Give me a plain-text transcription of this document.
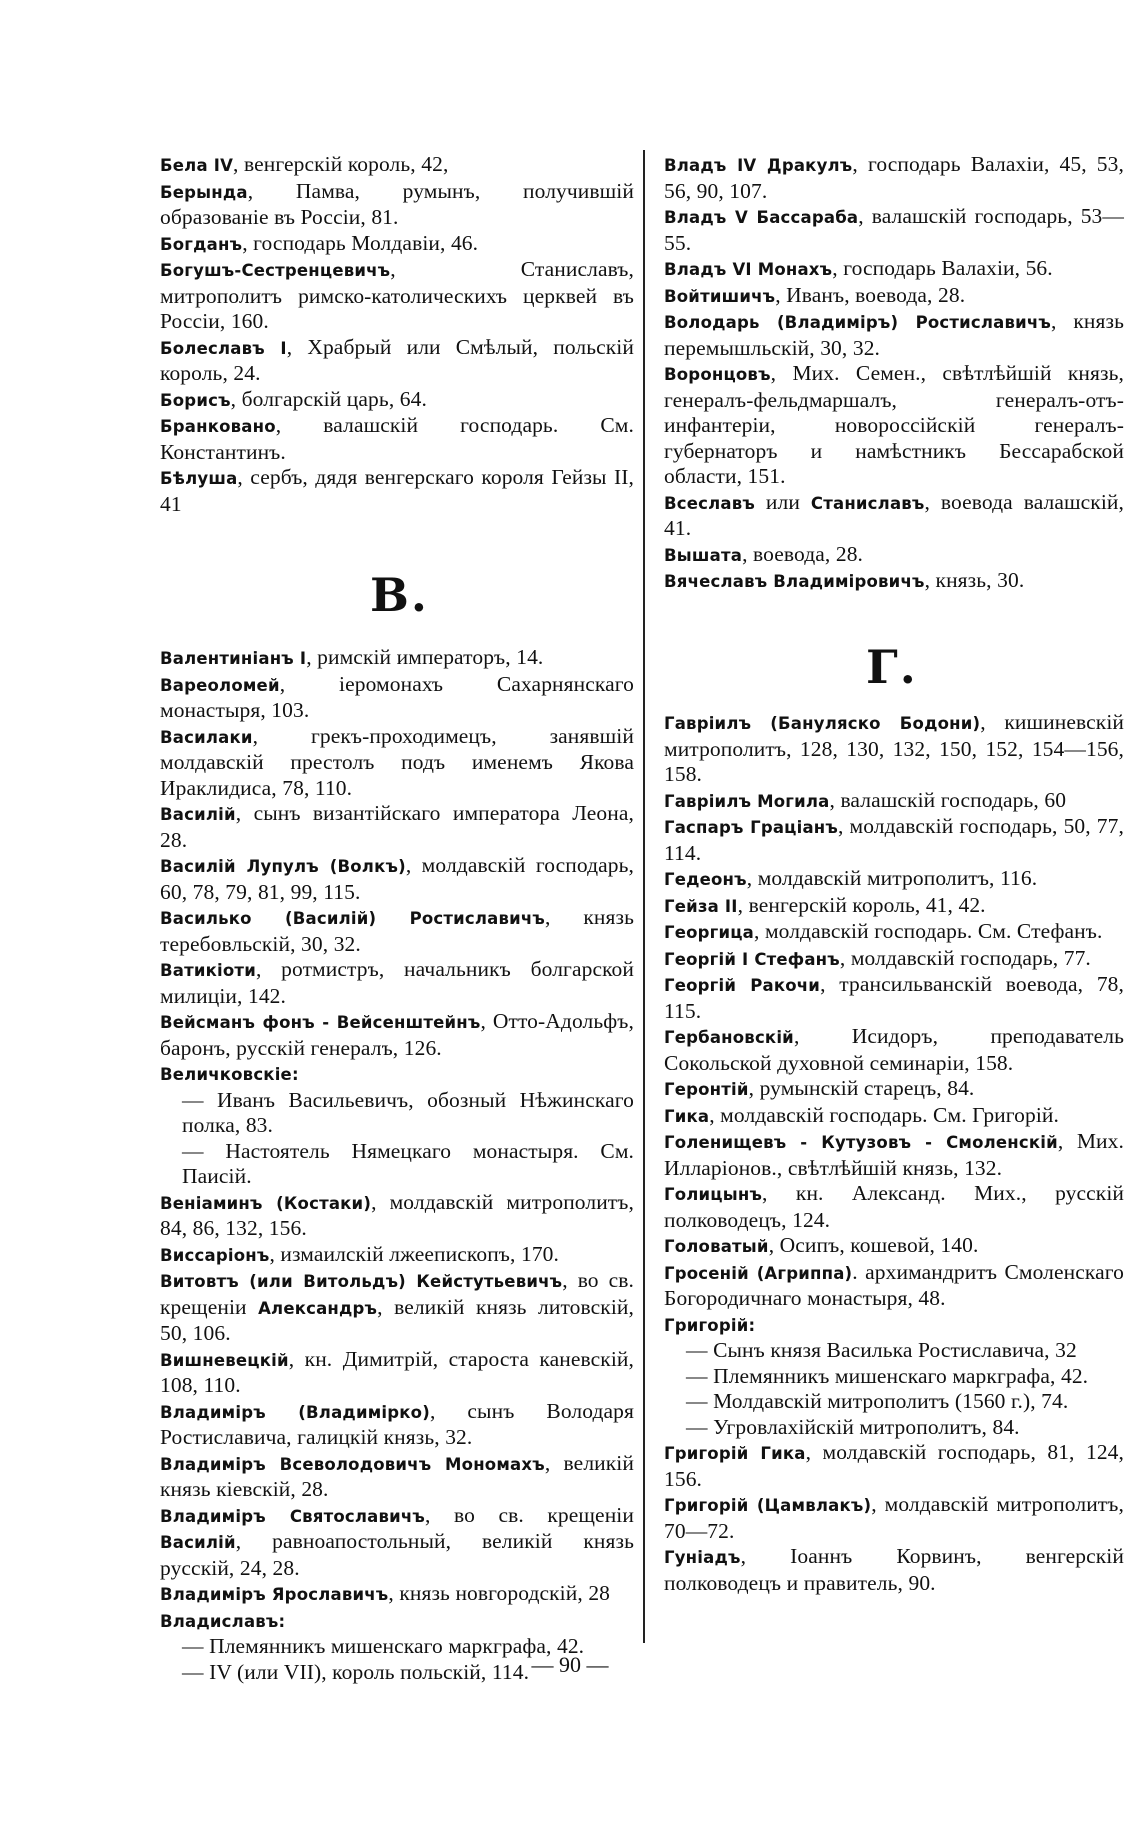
Бела IV, венгерскій король, 42,

Берында, Памва, румынъ, получившій образованіе въ Россіи, 81.

Богданъ, господарь Молдавіи, 46.

Богушъ-Сестренцевичъ, Станиславъ, митрополитъ римско-католическихъ церквей въ Россіи, 160.

Болеславъ I, Храбрый или Смѣлый, польскій король, 24.

Борисъ, болгарскій царь, 64.

Бранковано, валашскій господарь. См. Константинъ.

Бѣлуша, сербъ, дядя венгерскаго короля Гейзы II, 41

Владъ IV Дракулъ, господарь Валахіи, 45, 53, 56, 90, 107.

Владъ V Бассараба, валашскій господарь, 53—55.

Владъ VI Монахъ, господарь Валахіи, 56.

Войтишичъ, Иванъ, воевода, 28.

Володарь (Владиміръ) Ростиславичъ, князь перемышльскій, 30, 32.

Воронцовъ, Мих. Семен., свѣтлѣйшій князь, генералъ-фельдмаршалъ, генералъ-отъ-инфантеріи, новороссійскій генералъ-губернаторъ и намѣстникъ Бессарабской области, 151.

Всеславъ или Станиславъ, воевода валашскій, 41.

Вышата, воевода, 28.

Вячеславъ Владиміровичъ, князь, 30.

В.
Г.

Валентиніанъ I, римскій императоръ, 14.

Вареоломей, іеромонахъ Сахарнянскаго монастыря, 103.

Василаки, грекъ-проходимецъ, занявшій молдавскій престолъ подъ именемъ Якова Ираклидиса, 78, 110.

Василій, сынъ византійскаго императора Леона, 28.

Василій Лупулъ (Волкъ), молдавскій господарь, 60, 78, 79, 81, 99, 115.

Василько (Василій) Ростиславичъ, князь теребовльскій, 30, 32.

Ватикіоти, ротмистръ, начальникъ болгарской милиціи, 142.

Вейсманъ фонъ - Вейсенштейнъ, Отто-Адольфъ, баронъ, русскій генералъ, 126.

Величковскіе:

— Иванъ Васильевичъ, обозный Нѣжинскаго полка, 83.

— Настоятель Нямецкаго монастыря. См. Паисій.

Веніаминъ (Костаки), молдавскій митрополитъ, 84, 86, 132, 156.

Виссаріонъ, измаилскій лжеепископъ, 170.

Витовтъ (или Витольдъ) Кейстутьевичъ, во св. крещеніи Александръ, великій князь литовскій, 50, 106.

Вишневецкій, кн. Димитрій, староста каневскій, 108, 110.

Владиміръ (Владимірко), сынъ Володаря Ростиславича, галицкій князь, 32.

Владиміръ Всеволодовичъ Мономахъ, великій князь кіевскій, 28.

Владиміръ Святославичъ, во св. крещеніи Василій, равноапостольный, великій князь русскій, 24, 28.

Владиміръ Ярославичъ, князь новгородскій, 28

Владиславъ:

— Племянникъ мишенскаго маркграфа, 42.

— IV (или VII), король польскій, 114.

Гавріилъ (Бануляско Бодони), кишиневскій митрополитъ, 128, 130, 132, 150, 152, 154—156, 158.

Гавріилъ Могила, валашскій господарь, 60

Гаспаръ Граціанъ, молдавскій господарь, 50, 77, 114.

Гедеонъ, молдавскій митрополитъ, 116.

Гейза II, венгерскій король, 41, 42.

Георгица, молдавскій господарь. См. Стефанъ.

Георгій I Стефанъ, молдавскій господарь, 77.

Георгій Ракочи, трансильванскій воевода, 78, 115.

Гербановскій, Исидоръ, преподаватель Сокольской духовной семинаріи, 158.

Геронтій, румынскій старецъ, 84.

Гика, молдавскій господарь. См. Григорій.

Голенищевъ - Кутузовъ - Смоленскій, Мих. Илларіонов., свѣтлѣйшій князь, 132.

Голицынъ, кн. Александ. Мих., русскій полководецъ, 124.

Головатый, Осипъ, кошевой, 140.

Гросеній (Агриппа). архимандритъ Смоленскаго Богородичнаго монастыря, 48.

Григорій:

— Сынъ князя Василька Ростиславича, 32

— Племянникъ мишенскаго маркграфа, 42.

— Молдавскій митрополитъ (1560 г.), 74.

— Угровлахійскій митрополитъ, 84.

Григорій Гика, молдавскій господарь, 81, 124, 156.

Григорій (Цамвлакъ), молдавскій митрополитъ, 70—72.

Гуніадъ, Іоаннъ Корвинъ, венгерскій полководецъ и правитель, 90.

— 90 —
